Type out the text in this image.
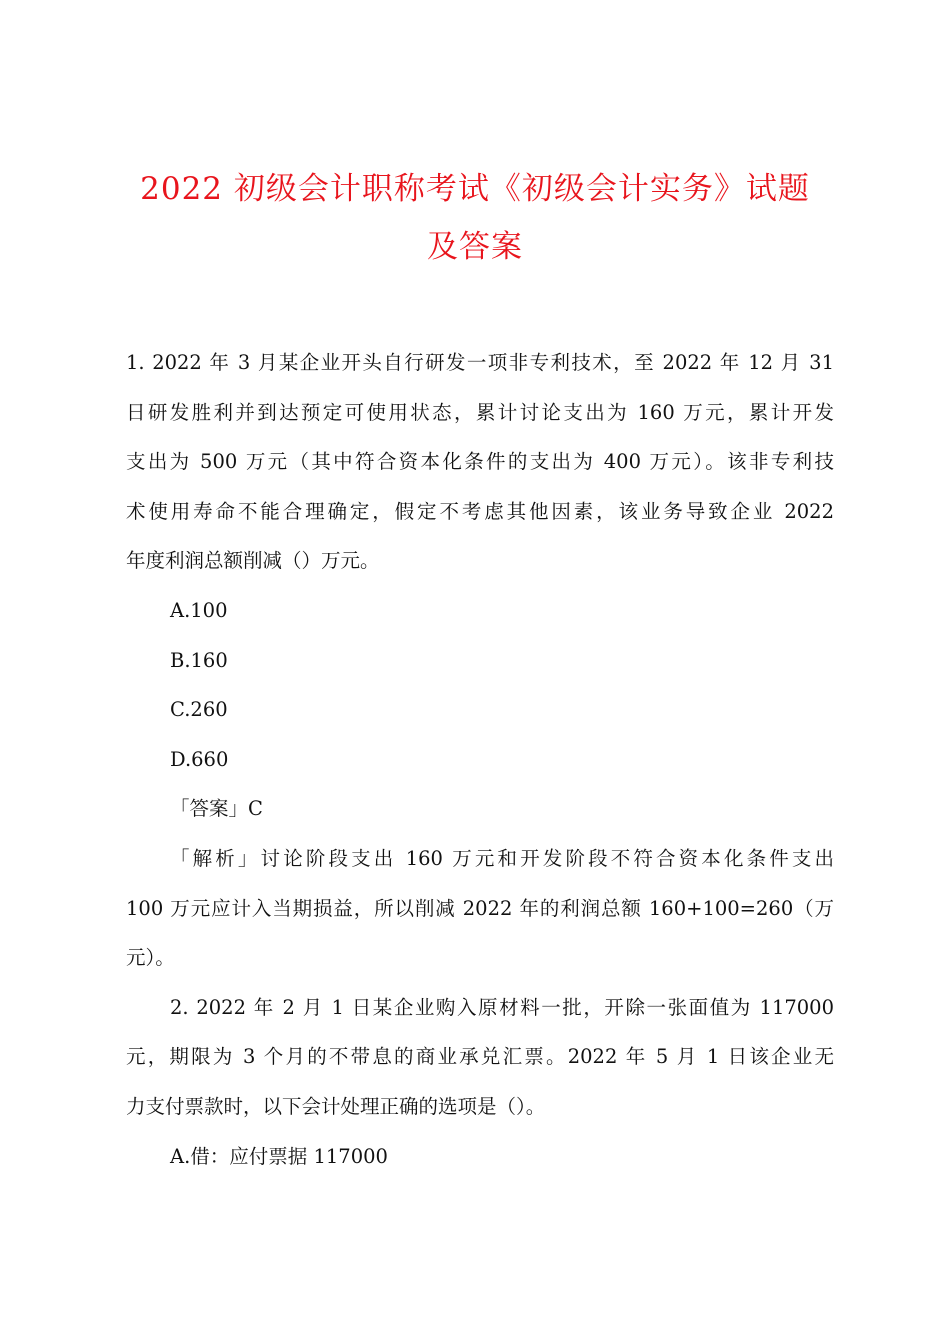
2022 初级会计职称考试《初级会计实务》试题
及答案
1. 2022 年 3 月某企业开头自行研发一项非专利技术，至 2022 年 12 月 31
日研发胜利并到达预定可使用状态，累计讨论支出为 160 万元，累计开发
支出为 500 万元（其中符合资本化条件的支出为 400 万元）。该非专利技
术使用寿命不能合理确定，假定不考虑其他因素，该业务导致企业 2022
年度利润总额削减（）万元。

A.100

B.160

C.260

D.660

「答案」C

「解析」讨论阶段支出 160 万元和开发阶段不符合资本化条件支出
100 万元应计入当期损益，所以削减 2022 年的利润总额 160+100=260（万
元）。
2. 2022 年 2 月 1 日某企业购入原材料一批，开除一张面值为 117000
元，期限为 3 个月的不带息的商业承兑汇票。2022 年 5 月 1 日该企业无
力支付票款时，以下会计处理正确的选项是（）。

A.借：应付票据 117000
